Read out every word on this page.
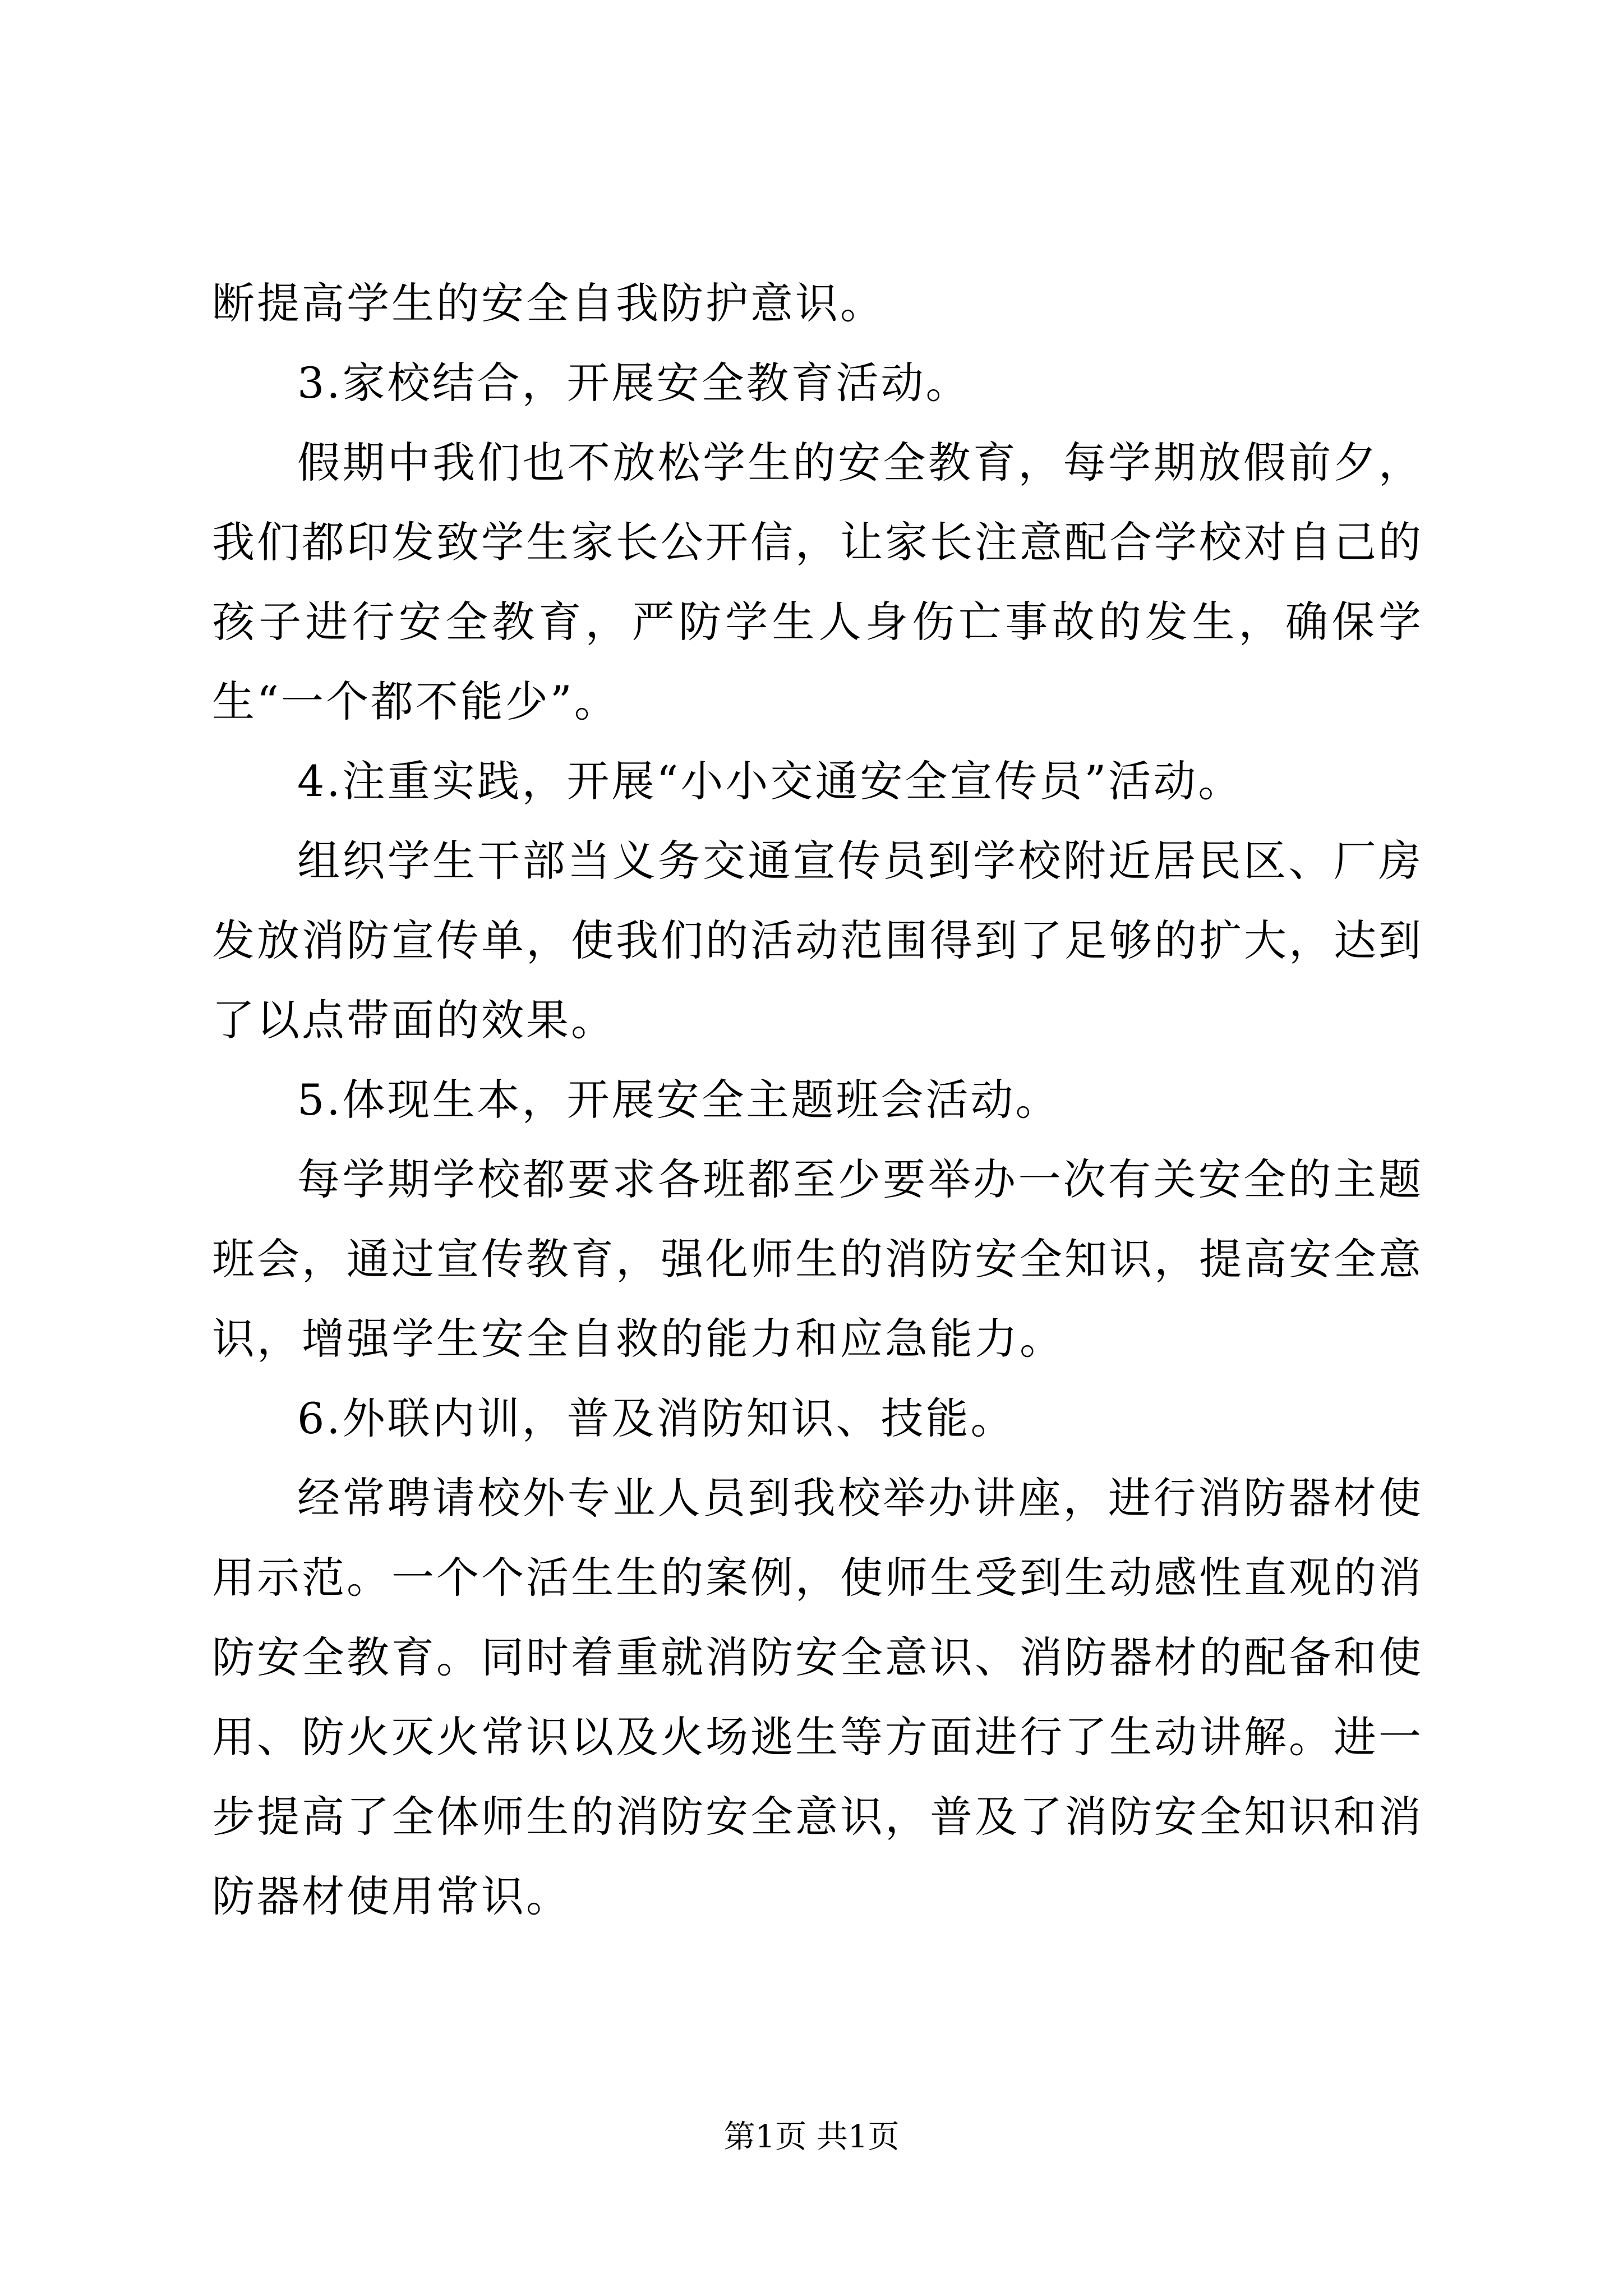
断提高学生的安全自我防护意识。

3.家校结合，开展安全教育活动。

假期中我们也不放松学生的安全教育，每学期放假前夕，我们都印发致学生家长公开信，让家长注意配合学校对自己的孩子进行安全教育，严防学生人身伤亡事故的发生，确保学生“一个都不能少”。

4.注重实践，开展“小小交通安全宣传员”活动。

组织学生干部当义务交通宣传员到学校附近居民区、厂房发放消防宣传单，使我们的活动范围得到了足够的扩大，达到了以点带面的效果。

5.体现生本，开展安全主题班会活动。

每学期学校都要求各班都至少要举办一次有关安全的主题班会，通过宣传教育，强化师生的消防安全知识，提高安全意识，增强学生安全自救的能力和应急能力。

6.外联内训，普及消防知识、技能。

经常聘请校外专业人员到我校举办讲座，进行消防器材使用示范。一个个活生生的案例，使师生受到生动感性直观的消防安全教育。同时着重就消防安全意识、消防器材的配备和使用、防火灭火常识以及火场逃生等方面进行了生动讲解。进一步提高了全体师生的消防安全意识，普及了消防安全知识和消防器材使用常识。

第1页 共1页
